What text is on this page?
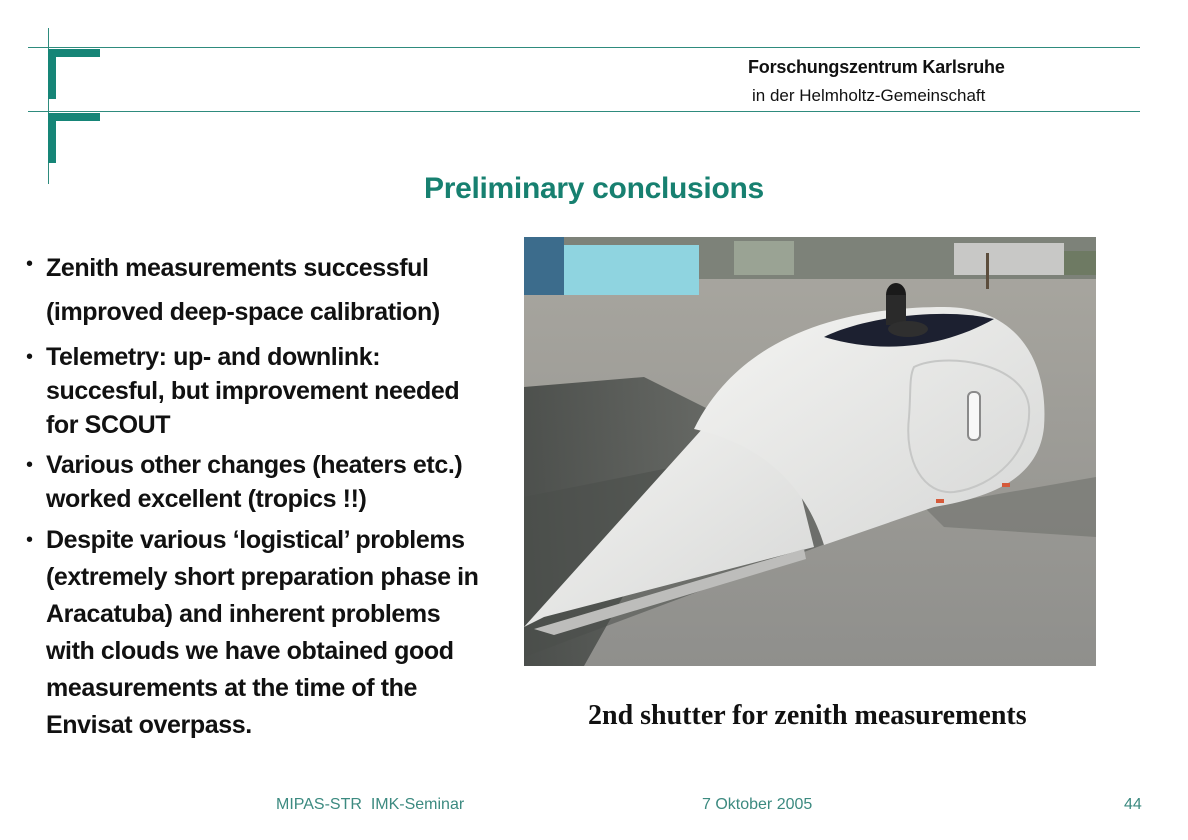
Forschungszentrum Karlsruhe
in der Helmholtz-Gemeinschaft
Preliminary conclusions
• Zenith measurements successful
(improved deep-space calibration)
• Telemetry: up- and downlink:
succesful, but improvement needed
for SCOUT
• Various other changes (heaters etc.)
worked excellent (tropics !!)
• Despite various ‘logistical’ problems
(extremely short preparation phase in
Aracatuba) and inherent problems
with clouds we have obtained good
measurements at the time of the
Envisat overpass.	2nd shutter for zenith measurements
MIPAS-STR  IMK-Seminar	7 Oktober 2005	44
